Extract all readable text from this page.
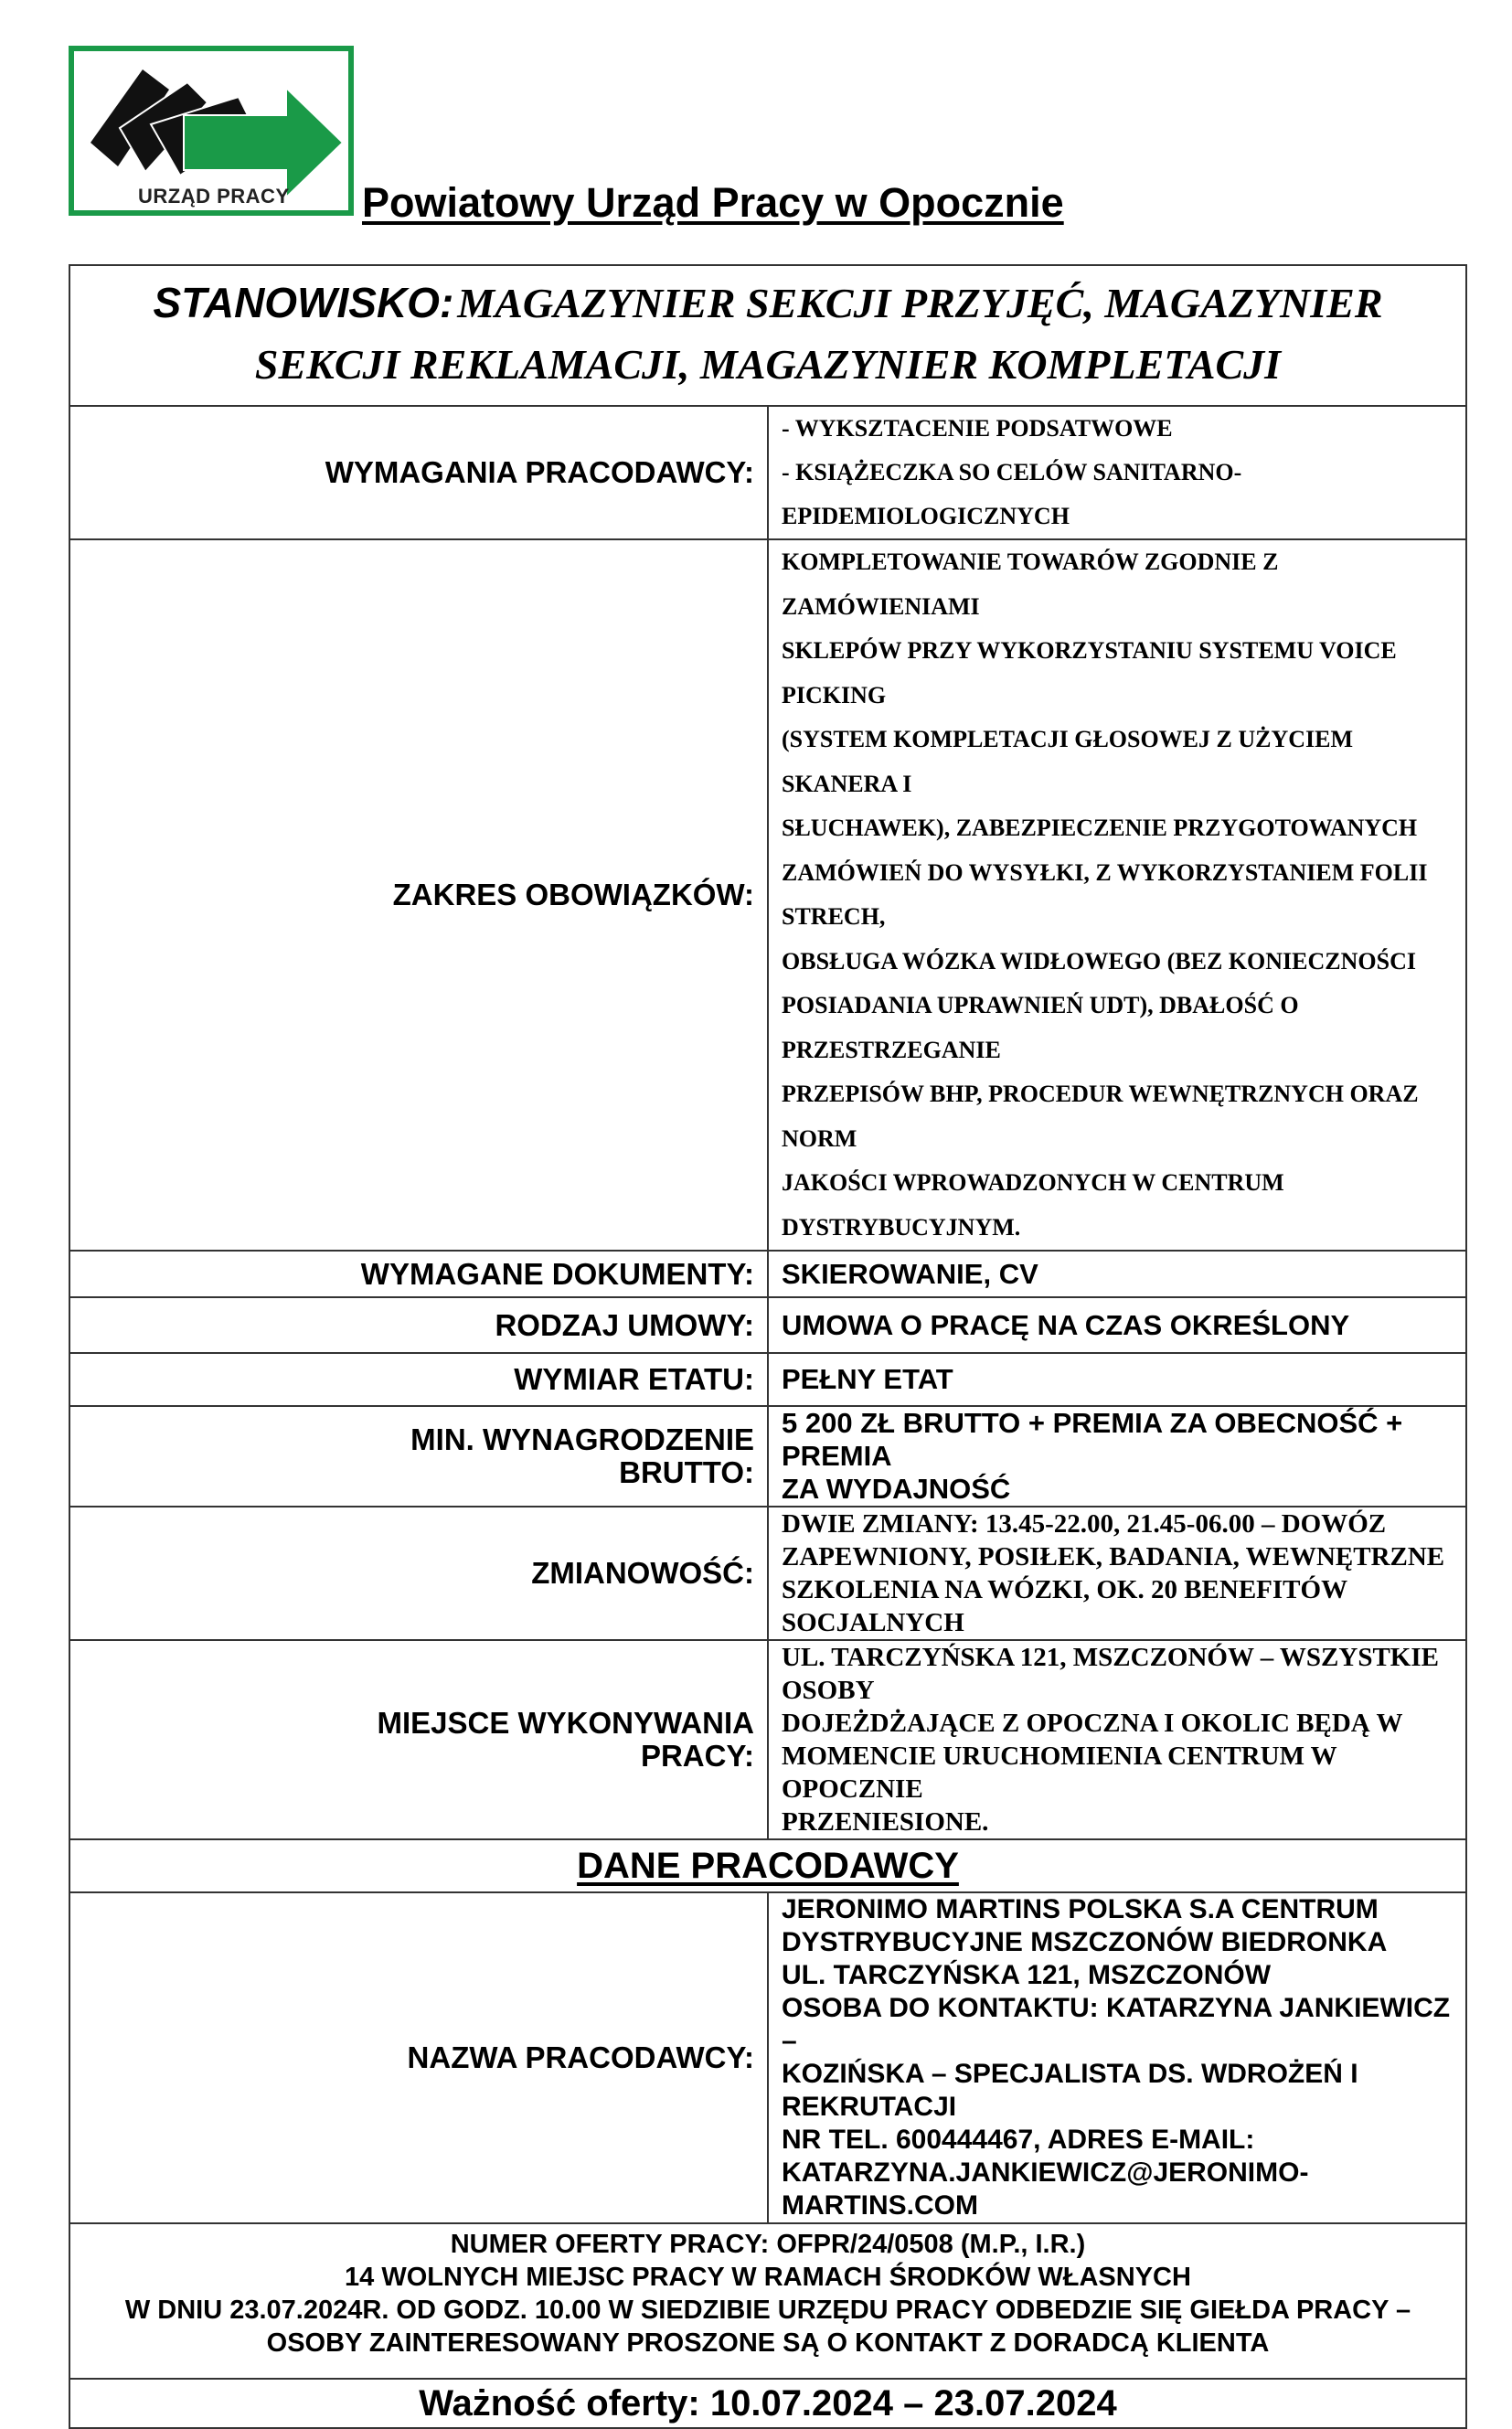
URZĄD PRACY Powiatowy Urząd Pracy w Opocznie
STANOWISKO: MAGAZYNIER SEKCJI PRZYJĘĆ, MAGAZYNIER
SEKCJI REKLAMACJI, MAGAZYNIER KOMPLETACJI	

WYMAGANIA PRACODAWCY:	- WYKSZTACENIE PODSATWOWE
- KSIĄŻECZKA SO CELÓW SANITARNO-EPIDEMIOLOGICZNYCH

ZAKRES OBOWIĄZKÓW:	
KOMPLETOWANIE TOWARÓW ZGODNIE Z ZAMÓWIENIAMI
SKLEPÓW PRZY WYKORZYSTANIU SYSTEMU VOICE PICKING
(SYSTEM KOMPLETACJI GŁOSOWEJ Z UŻYCIEM SKANERA I
SŁUCHAWEK), ZABEZPIECZENIE PRZYGOTOWANYCH
ZAMÓWIEŃ DO WYSYŁKI, Z WYKORZYSTANIEM FOLII STRECH,
OBSŁUGA WÓZKA WIDŁOWEGO (BEZ KONIECZNOŚCI
POSIADANIA UPRAWNIEŃ UDT), DBAŁOŚĆ O PRZESTRZEGANIE
PRZEPISÓW BHP, PROCEDUR WEWNĘTRZNYCH ORAZ NORM
JAKOŚCI WPROWADZONYCH W CENTRUM DYSTRYBUCYJNYM.

WYMAGANE DOKUMENTY:	SKIEROWANIE, CV
RODZAJ UMOWY:	UMOWA O PRACĘ NA CZAS OKREŚLONY
WYMIAR ETATU:	PEŁNY ETAT

MIN. WYNAGRODZENIE
BRUTTO:

5 200 ZŁ BRUTTO + PREMIA ZA OBECNOŚĆ + PREMIA
ZA WYDAJNOŚĆ

ZMIANOWOŚĆ:	DWIE ZMIANY: 13.45-22.00, 21.45-06.00 – DOWÓZ
ZAPEWNIONY, POSIŁEK, BADANIA, WEWNĘTRZNE
SZKOLENIA NA WÓZKI, OK. 20 BENEFITÓW SOCJALNYCH

MIEJSCE WYKONYWANIA
PRACY:

UL. TARCZYŃSKA 121, MSZCZONÓW – WSZYSTKIE OSOBY
DOJEŻDŻAJĄCE Z OPOCZNA I OKOLIC BĘDĄ W
MOMENCIE URUCHOMIENIA CENTRUM W OPOCZNIE
PRZENIESIONE.

DANE PRACODAWCY	
NAZWA PRACODAWCY:	
JERONIMO MARTINS POLSKA S.A CENTRUM
DYSTRYBUCYJNE MSZCZONÓW BIEDRONKA
UL. TARCZYŃSKA 121, MSZCZONÓW
OSOBA DO KONTAKTU: KATARZYNA JANKIEWICZ –
KOZIŃSKA – SPECJALISTA DS. WDROŻEŃ I REKRUTACJI
NR TEL. 600444467, ADRES E-MAIL:
KATARZYNA.JANKIEWICZ@JERONIMO-MARTINS.COM

NUMER OFERTY PRACY: OFPR/24/0508 (M.P., I.R.)
14 WOLNYCH MIEJSC PRACY W RAMACH ŚRODKÓW WŁASNYCH
W DNIU 23.07.2024R. OD GODZ. 10.00 W SIEDZIBIE URZĘDU PRACY ODBEDZIE SIĘ GIEŁDA PRACY –
OSOBY ZAINTERESOWANY PROSZONE SĄ O KONTAKT Z DORADCĄ KLIENTA	

Ważność oferty: 10.07.2024 – 23.07.2024	
